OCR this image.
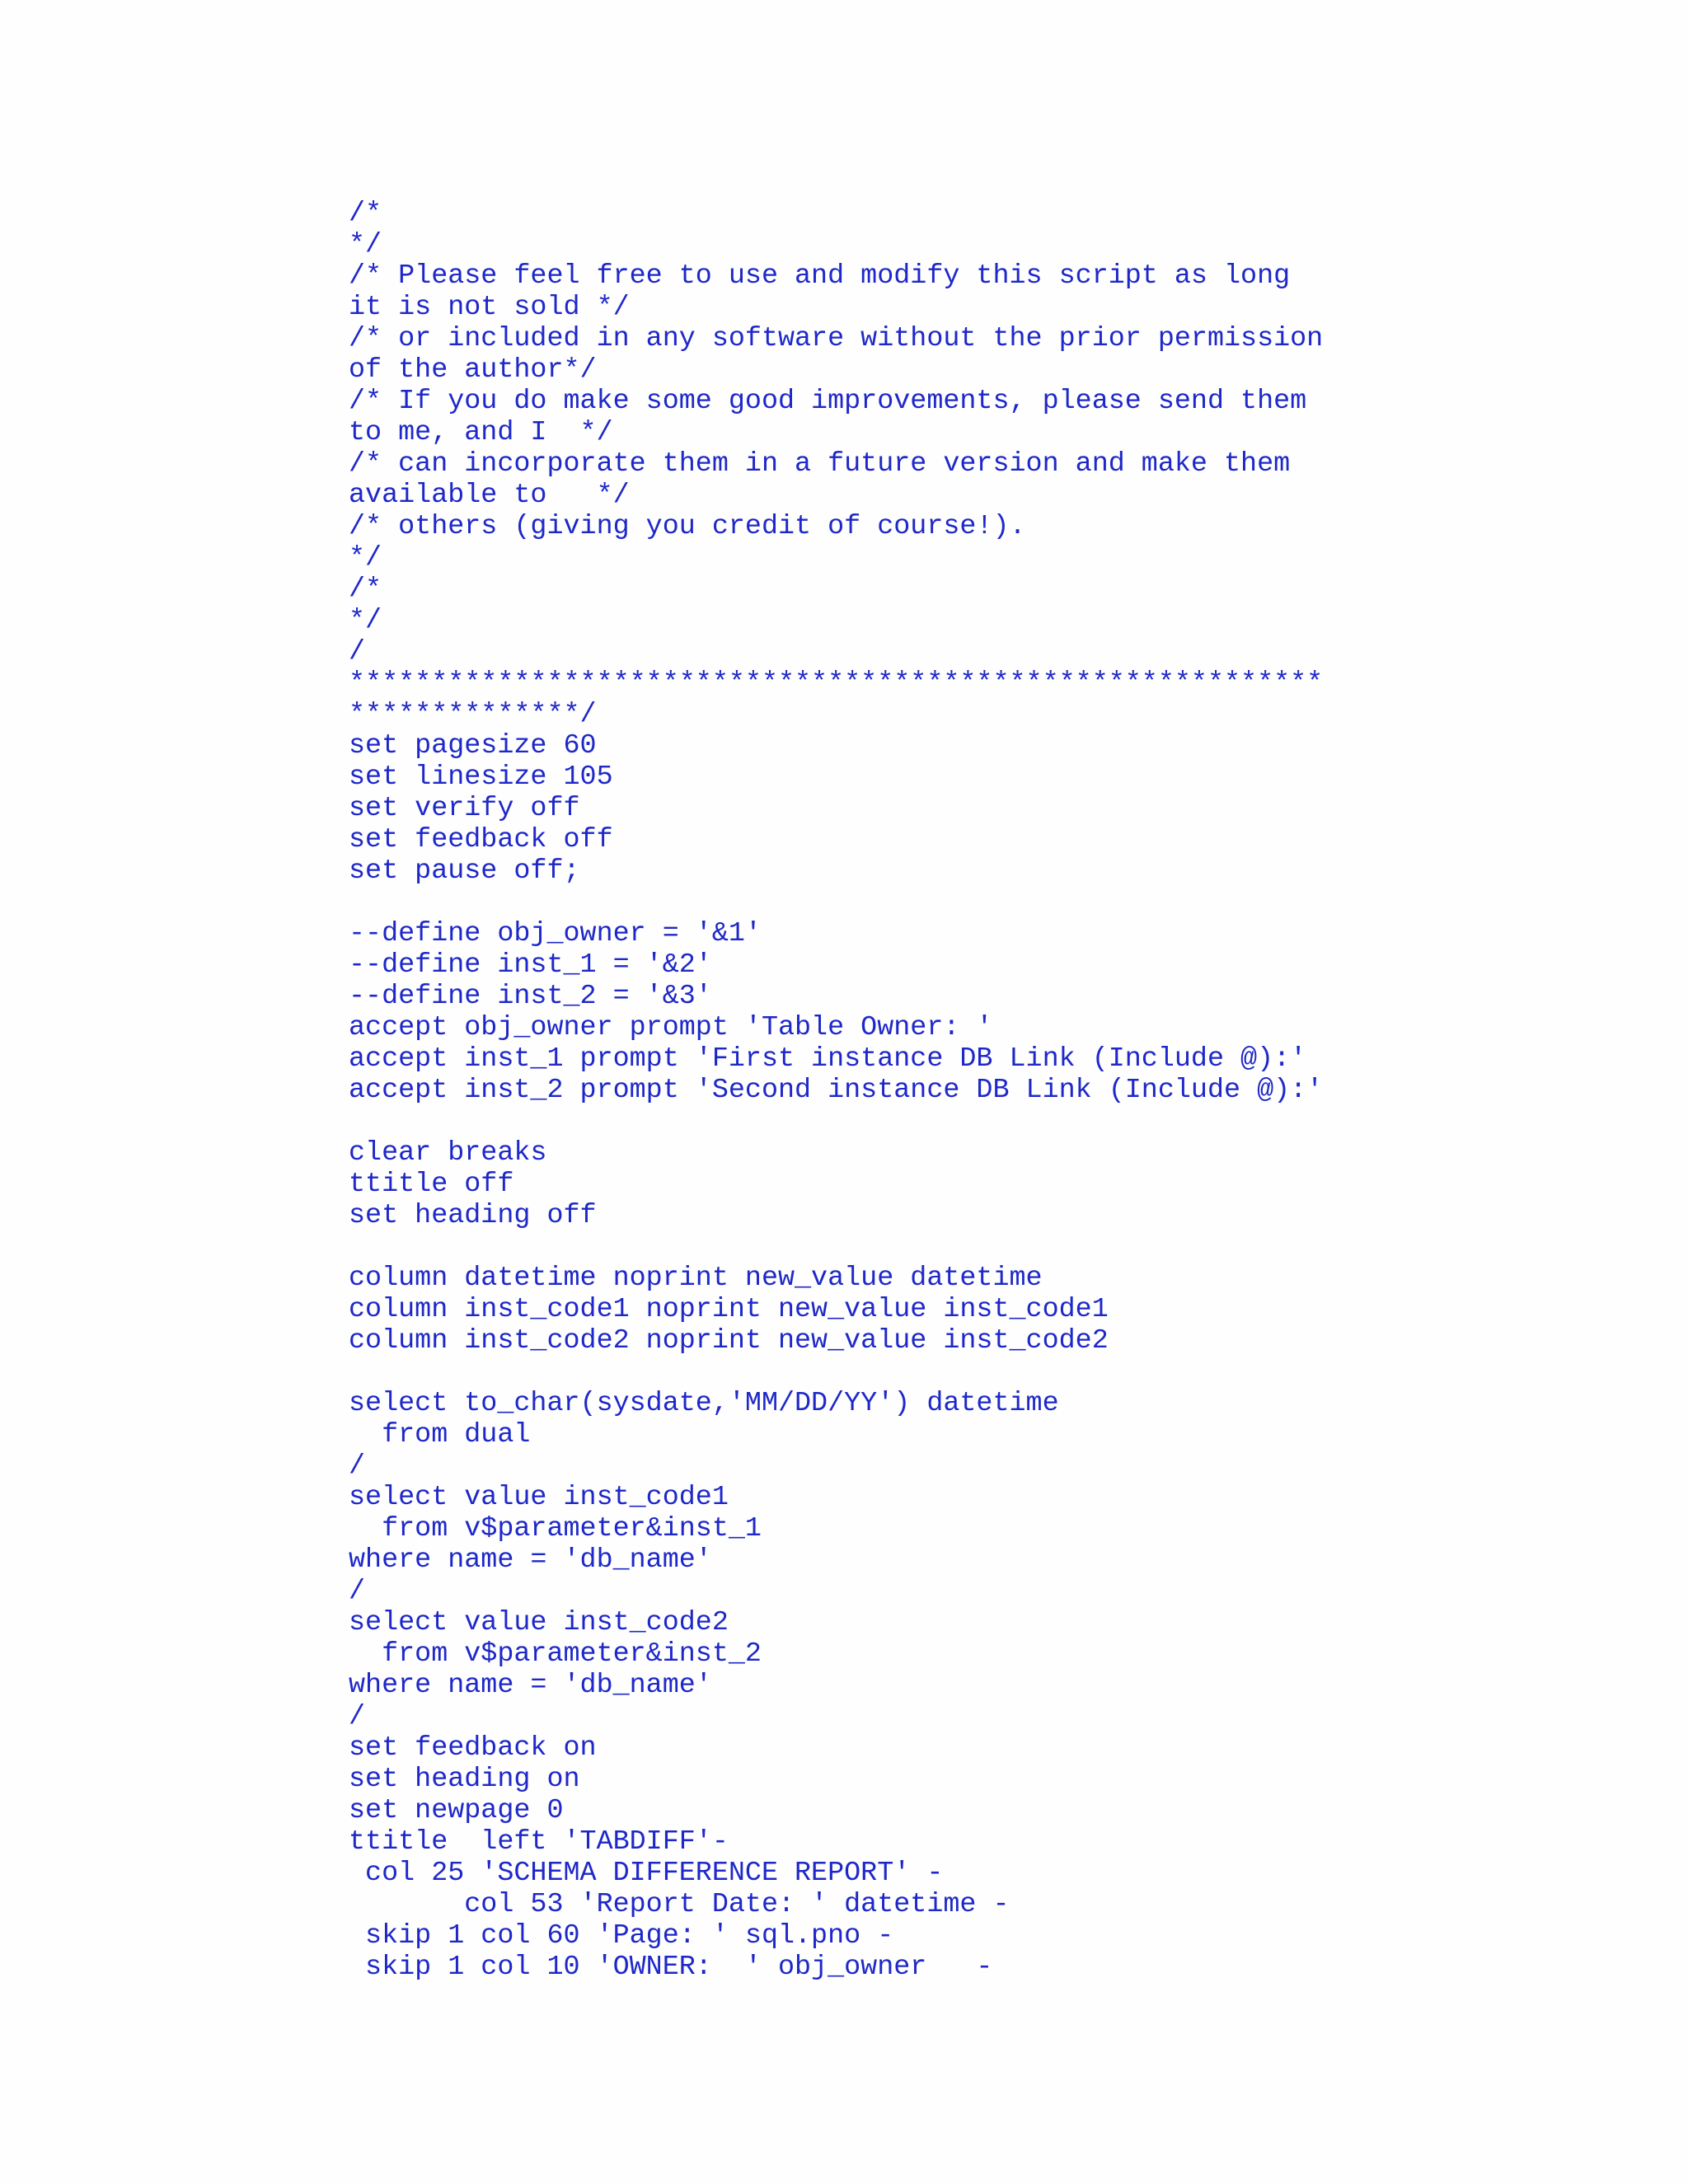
/*
*/
/* Please feel free to use and modify this script as long
it is not sold */
/* or included in any software without the prior permission
of the author*/
/* If you do make some good improvements, please send them
to me, and I  */
/* can incorporate them in a future version and make them
available to   */
/* others (giving you credit of course!).
*/
/*
*/
/
***********************************************************
**************/
set pagesize 60
set linesize 105
set verify off
set feedback off
set pause off;
--define obj_owner = '&1'
--define inst_1 = '&2'
--define inst_2 = '&3'
accept obj_owner prompt 'Table Owner: '
accept inst_1 prompt 'First instance DB Link (Include @):'
accept inst_2 prompt 'Second instance DB Link (Include @):'
clear breaks
ttitle off
set heading off
column datetime noprint new_value datetime
column inst_code1 noprint new_value inst_code1
column inst_code2 noprint new_value inst_code2
select to_char(sysdate,'MM/DD/YY') datetime
from dual
/
select value inst_code1
from v$parameter&inst_1
where name = 'db_name'
/
select value inst_code2
from v$parameter&inst_2
where name = 'db_name'
/
set feedback on
set heading on
set newpage 0
ttitle  left 'TABDIFF'-
col 25 'SCHEMA DIFFERENCE REPORT' -
col 53 'Report Date: ' datetime -
skip 1 col 60 'Page: ' sql.pno -
skip 1 col 10 'OWNER:  ' obj_owner   -
